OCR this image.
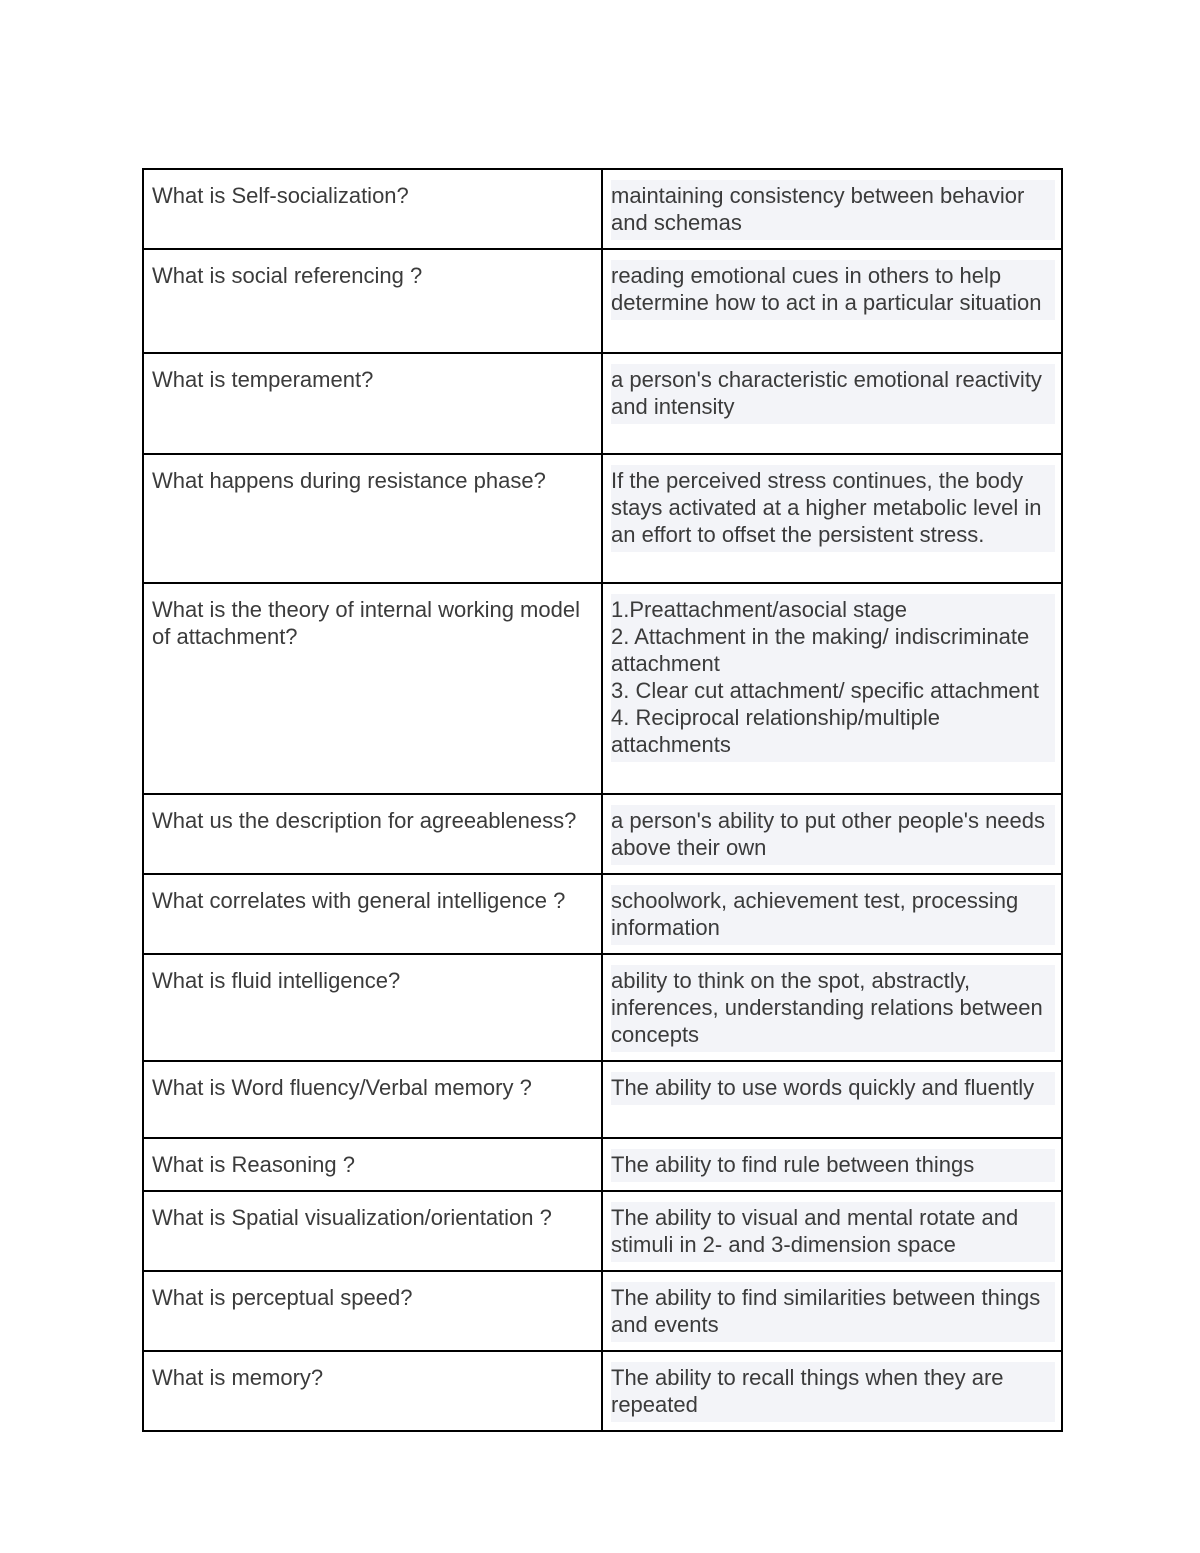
What is Self-socialization?	maintaining consistency between behavior and schemas

What is social referencing ?	reading emotional cues in others to help determine how to act in a particular situation

What is temperament?	a person's characteristic emotional reactivity and intensity

What happens during resistance phase?	If the perceived stress continues, the body stays activated at a higher metabolic level in an effort to offset the persistent stress.

What is the theory of internal working model of attachment?	1.Preattachment/asocial stage
2. Attachment in the making/ indiscriminate attachment
3. Clear cut attachment/ specific attachment
4. Reciprocal relationship/multiple attachments

What us the description for agreeableness?	a person's ability to put other people's needs above their own

What correlates with general intelligence ?	schoolwork, achievement test, processing information

What is fluid intelligence?	ability to think on the spot, abstractly, inferences, understanding relations between concepts

What is Word fluency/Verbal memory ?	The ability to use words quickly and fluently

What is Reasoning ?	The ability to find rule between things

What is Spatial visualization/orientation ?	The ability to visual and mental rotate and stimuli in 2- and 3-dimension space

What is perceptual speed?	The ability to find similarities between things and events

What is memory?	The ability to recall things when they are repeated
